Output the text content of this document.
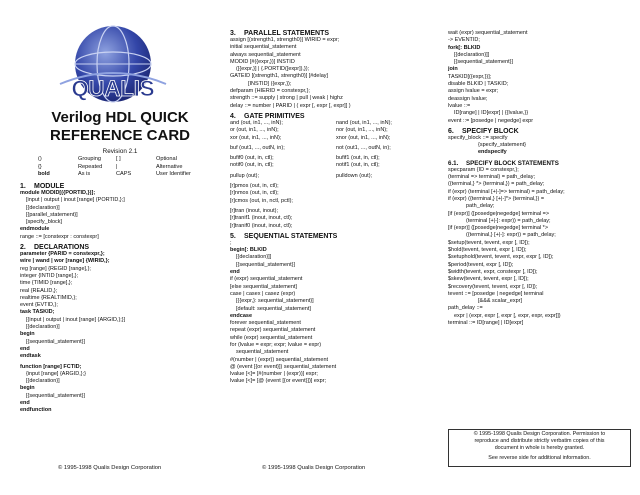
QUALIS
Verilog HDL QUICK
REFERENCE CARD
Revision 2.1
()	Grouping	[ ]	Optional
{}	Repeated |	Alternative
bold	As is	CAPS	User Identifier
1. MODULE
module MODID[({PORTID,})];
[input | output | inout [range] {PORTID,};]
[{declaration}]
[{parallel_statement}]
[specify_block]
endmodule
range ::= [constexpr : constexpr]
2. DECLARATIONS
parameter {PARID = constexpr,};
wire | wand | wor [range] {WIRID,};
reg [range] {REGID [range],};
integer {INTID [range],};
time {TIMID [range],};
real {REALID,};
realtime {REALTIMID,};
event {EVTID,};
task TASKID;
[{input | output | inout [range] {ARGID,};}]
[{declaration}]
begin
[{sequential_statement}]
end
endtask
function [range] FCTID;
{input [range] {ARGID,};}
[{declaration}]
begin
[{sequential_statement}]
end
endfunction
3. PARALLEL STATEMENTS
assign [(strength1, strength0)] WIRID = expr;
initial sequential_statement
always sequential_statement
MODID [#({expr,})] INSTID
([{expr,}] | {.PORTID([expr]),});
GATEID [(strength1, strength0)] [#delay]
[INSTID] ({expr,});
defparam {HIERID = constexpr,};
strength ::= supply | strong | pull | weak | highz
delay ::= number | PARID | ( expr [, expr [, expr]] )
4. GATE PRIMITIVES
and (out, in1, ..., inN);	nand (out, in1, ..., inN);
or (out, in1, ..., inN);	nor (out, in1, ..., inN);
xor (out, in1, ..., inN);	xnor (out, in1, ..., inN);
buf (out1, ..., outN, in);	not (out1, ..., outN, in);
bufif0 (out, in, ctl);	bufif1 (out, in, ctl);
notif0 (out, in, ctl);	notif1 (out, in, ctl);
pullup (out);	pulldown (out);
[r]pmos (out, in, ctl);
[r]nmos (out, in, ctl);
[r]cmos (out, in, nctl, pctl);
[r]tran (inout, inout);
[r]tranif1 (inout, inout, ctl);
[r]tranif0 (inout, inout, ctl);
5. SEQUENTIAL STATEMENTS
;
begin[: BLKID
[{declaration}]]
[{sequential_statement}]
end
if (expr) sequential_statement
[else sequential_statement]
case | casex | casez (expr)
[{{expr,}: sequential_statement}]
[default: sequential_statement]
endcase
forever sequential_statement
repeat (expr) sequential_statement
while (expr) sequential_statement
for (lvalue = expr; expr; lvalue = expr)
sequential_statement
#(number | (expr)) sequential_statement
@ (event [{or event}]) sequential_statement
lvalue [<]= [#(number | (expr))] expr;
lvalue [<]= [@ (event [{or event}])] expr;
wait (expr) sequential_statement
-> EVENTID;
fork[: BLKID
[{declaration}]]
[{sequential_statement}]
join
TASKID[({expr,})];
disable BLKID | TASKID;
assign lvalue = expr;
deassign lvalue;
lvalue ::=
ID[range] | ID[expr] | {{lvalue,}}
event ::= [posedge | negedge] expr
6. SPECIFY BLOCK
specify_block ::= specify
{specify_statement}
endspecify
6.1. SPECIFY BLOCK STATEMENTS
specparam {ID = constexpr,};
(terminal => terminal) = path_delay;
({terminal,} *> {terminal,}) = path_delay;
if (expr) (terminal [+|-]=> terminal) = path_delay;
if (expr) ({terminal,} [+|-]*> {terminal,}) =
path_delay;
[if (expr)] ([posedge|negedge] terminal =>
(terminal [+|-]: expr)) = path_delay;
[if (expr)] ([posedge|negedge] terminal *>
({terminal,} [+|-]: expr)) = path_delay;
$setup(tevent, tevent, expr [, ID]);
$hold(tevent, tevent, expr [, ID]);
$setuphold(tevent, tevent, expr, expr [, ID]);
$period(tevent, expr [, ID]);
$width(tevent, expr, constexpr [, ID]);
$skew(tevent, tevent, expr [, ID]);
$recovery(tevent, tevent, expr [, ID]);
tevent ::= [posedge | negedge] terminal
[&&& scalar_expr]
path_delay ::=
expr | (expr, expr [, expr [, expr, expr, expr]])
terminal ::= ID[range] | ID[expr]
© 1995-1998 Qualis Design Corporation. Permission to
reproduce and distribute strictly verbatim copies of this
document in whole is hereby granted.
See reverse side for additional information.
© 1995-1998 Qualis Design Corporation	© 1995-1998 Qualis Design Corporation
